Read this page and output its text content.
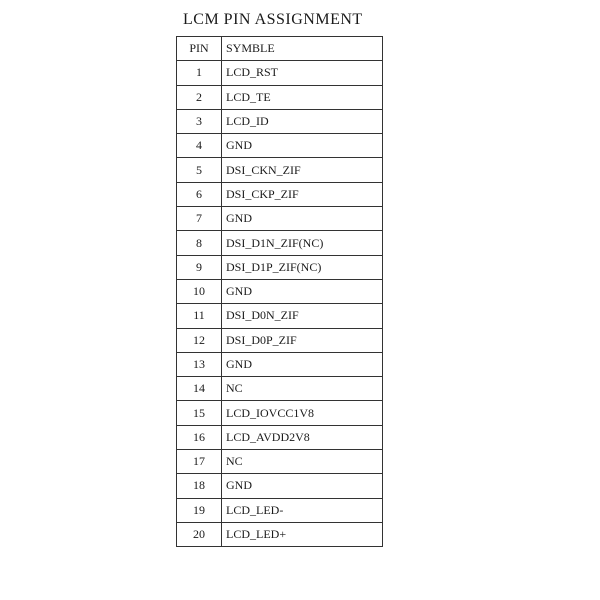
LCM PIN ASSIGNMENT
PIN	SYMBLE
1	LCD_RST
2	LCD_TE
3	LCD_ID
4	GND
5	DSI_CKN_ZIF
6	DSI_CKP_ZIF
7	GND
8	DSI_D1N_ZIF(NC)
9	DSI_D1P_ZIF(NC)
10	GND
11	DSI_D0N_ZIF
12	DSI_D0P_ZIF
13	GND
14	NC
15	LCD_IOVCC1V8
16	LCD_AVDD2V8
17	NC
18	GND
19	LCD_LED-
20	LCD_LED+
